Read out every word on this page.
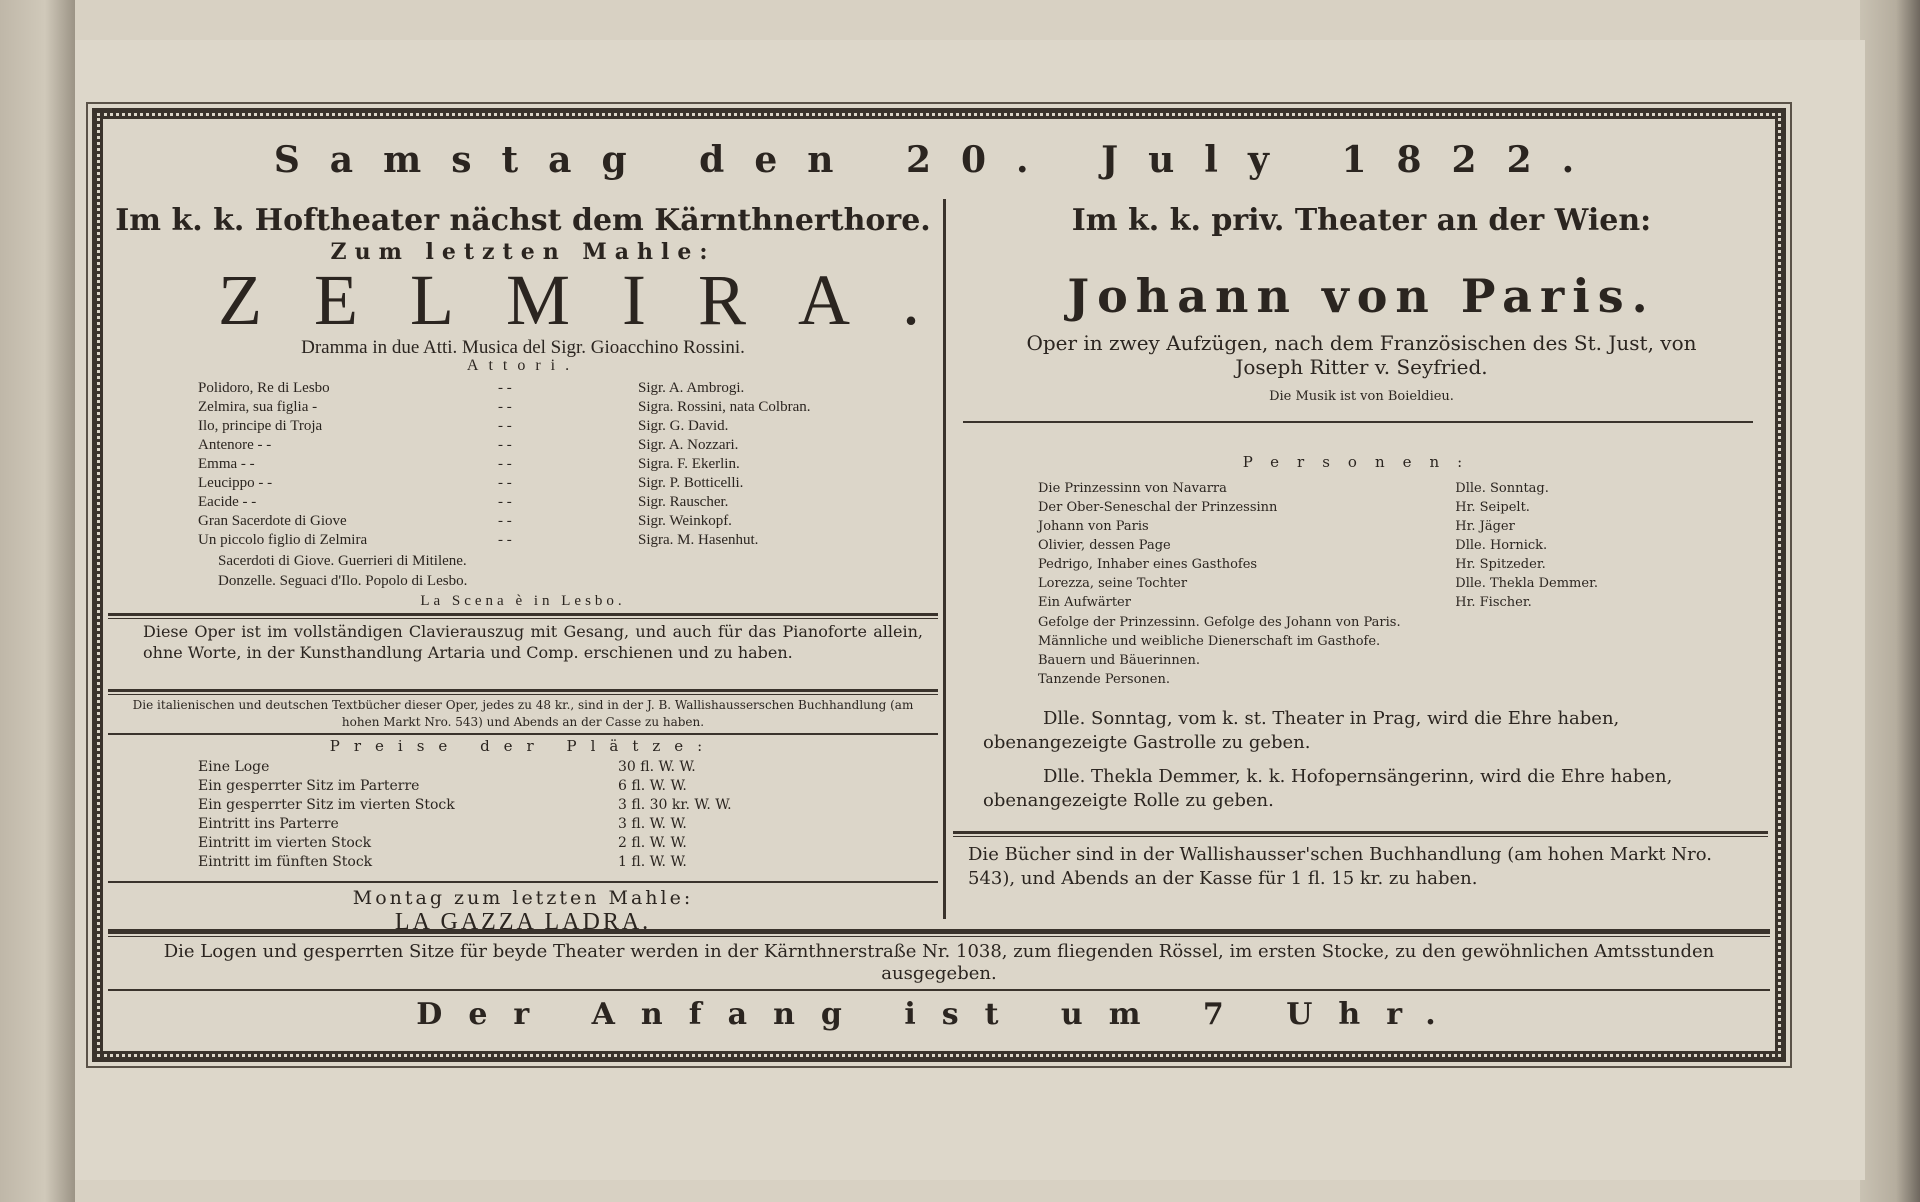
Samstag den 20. July 1822.
Im k. k. Hoftheater nächst dem Kärnthnerthore.
Zum letzten Mahle:
ZELMIRA.
Dramma in due Atti. Musica del Sigr. Gioacchino Rossini.
Attori.
Polidoro, Re di Lesbo	- -	Sigr. A. Ambrogi.
Zelmira, sua figlia -	- -	Sigra. Rossini, nata Colbran.
Ilo, principe di Troja	- -	Sigr. G. David.
Antenore - -	- -	Sigr. A. Nozzari.
Emma - -	- -	Sigra. F. Ekerlin.
Leucippo - -	- -	Sigr. P. Botticelli.
Eacide - -	- -	Sigr. Rauscher.
Gran Sacerdote di Giove	- -	Sigr. Weinkopf.
Un piccolo figlio di Zelmira	- -	Sigra. M. Hasenhut.
Sacerdoti di Giove. Guerrieri di Mitilene.
Donzelle. Seguaci d'Ilo. Popolo di Lesbo.
La Scena è in Lesbo.
Diese Oper ist im vollständigen Clavierauszug mit Gesang, und auch für das Pianoforte allein, ohne Worte, in der Kunsthandlung Artaria und Comp. erschienen und zu haben.
Die italienischen und deutschen Textbücher dieser Oper, jedes zu 48 kr., sind in der J. B. Wallishausserschen Buchhandlung (am hohen Markt Nro. 543) und Abends an der Casse zu haben.
Preise der Plätze:
Eine Loge	30 fl. W. W.
Ein gesperrter Sitz im Parterre	6 fl. W. W.
Ein gesperrter Sitz im vierten Stock	3 fl. 30 kr. W. W.
Eintritt ins Parterre	3 fl. W. W.
Eintritt im vierten Stock	2 fl. W. W.
Eintritt im fünften Stock	1 fl. W. W.
Montag zum letzten Mahle:
LA GAZZA LADRA.
Im k. k. priv. Theater an der Wien:
Johann von Paris.
Oper in zwey Aufzügen, nach dem Französischen des St. Just, von
Joseph Ritter v. Seyfried.
Die Musik ist von Boieldieu.
Personen:
Die Prinzessinn von Navarra	Dlle. Sonntag.
Der Ober-Seneschal der Prinzessinn	Hr. Seipelt.
Johann von Paris	Hr. Jäger
Olivier, dessen Page	Dlle. Hornick.
Pedrigo, Inhaber eines Gasthofes	Hr. Spitzeder.
Lorezza, seine Tochter	Dlle. Thekla Demmer.
Ein Aufwärter	Hr. Fischer.
Gefolge der Prinzessinn. Gefolge des Johann von Paris.
Männliche und weibliche Dienerschaft im Gasthofe.
Bauern und Bäuerinnen.
Tanzende Personen.
Dlle. Sonntag, vom k. st. Theater in Prag, wird die Ehre haben, obenangezeigte Gastrolle zu geben.
Dlle. Thekla Demmer, k. k. Hofopernsängerinn, wird die Ehre haben, obenangezeigte Rolle zu geben.
Die Bücher sind in der Wallishausser'schen Buchhandlung (am hohen Markt Nro. 543), und Abends an der Kasse für 1 fl. 15 kr. zu haben.
Die Logen und gesperrten Sitze für beyde Theater werden in der Kärnthnerstraße Nr. 1038, zum fliegenden Rössel, im ersten Stocke, zu den gewöhnlichen Amtsstunden ausgegeben.
Der Anfang ist um 7 Uhr.
